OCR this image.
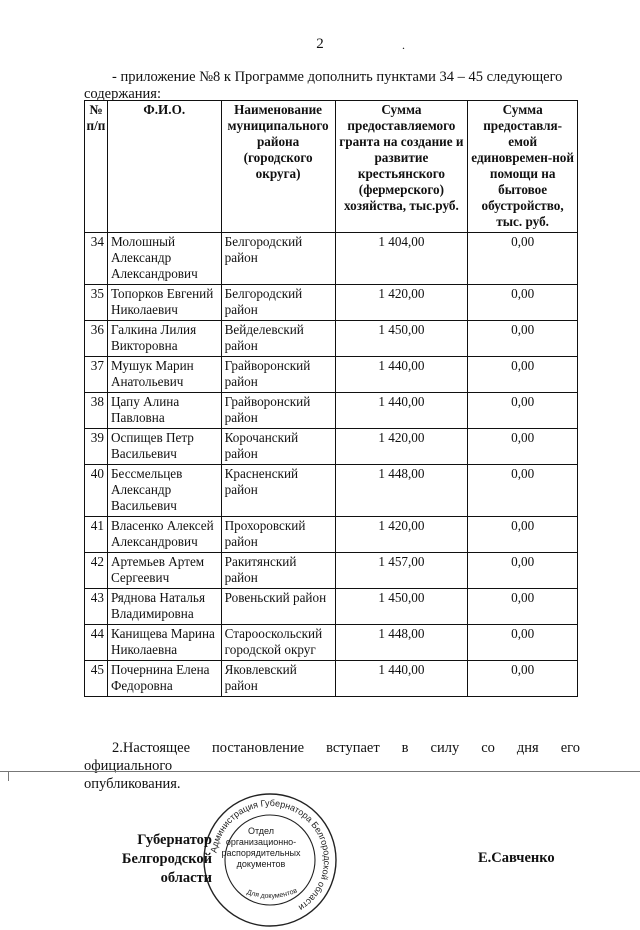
2	.
- приложение №8 к Программе дополнить пунктами 34 – 45 следующего
содержания:
№ п/п	Ф.И.О.	Наименование муниципального района (городского округа)	Сумма предоставляемого гранта на создание и развитие крестьянского (фермерского) хозяйства, тыс.руб.	Сумма предоставля-емой единовремен-ной помощи на бытовое обустройство, тыс. руб.
34	Молошный Александр Александрович	Белгородский район	1 404,00	0,00
35	Топорков Евгений Николаевич	Белгородский район	1 420,00	0,00
36	Галкина Лилия Викторовна	Вейделевский район	1 450,00	0,00
37	Мушук Марин Анатольевич	Грайворонский район	1 440,00	0,00
38	Цапу Алина Павловна	Грайворонский район	1 440,00	0,00
39	Оспищев Петр Васильевич	Корочанский район	1 420,00	0,00
40	Бессмельцев Александр Васильевич	Красненский район	1 448,00	0,00
41	Власенко Алексей Александрович	Прохоровский район	1 420,00	0,00
42	Артемьев Артем Сергеевич	Ракитянский район	1 457,00	0,00
43	Ряднова Наталья Владимировна	Ровеньский район	1 450,00	0,00
44	Канищева Марина Николаевна	Старооскольский городской округ	1 448,00	0,00
45	Почернина Елена Федоровна	Яковлевский район	1 440,00	0,00
2.Настоящее постановление вступает в силу со дня его официального
опубликования.
Администрация Губернатора Белгородской области
Для документов
Отдел
организационно-
распорядительных
документов
Губернатор
Белгородской области
Е.Савченко
